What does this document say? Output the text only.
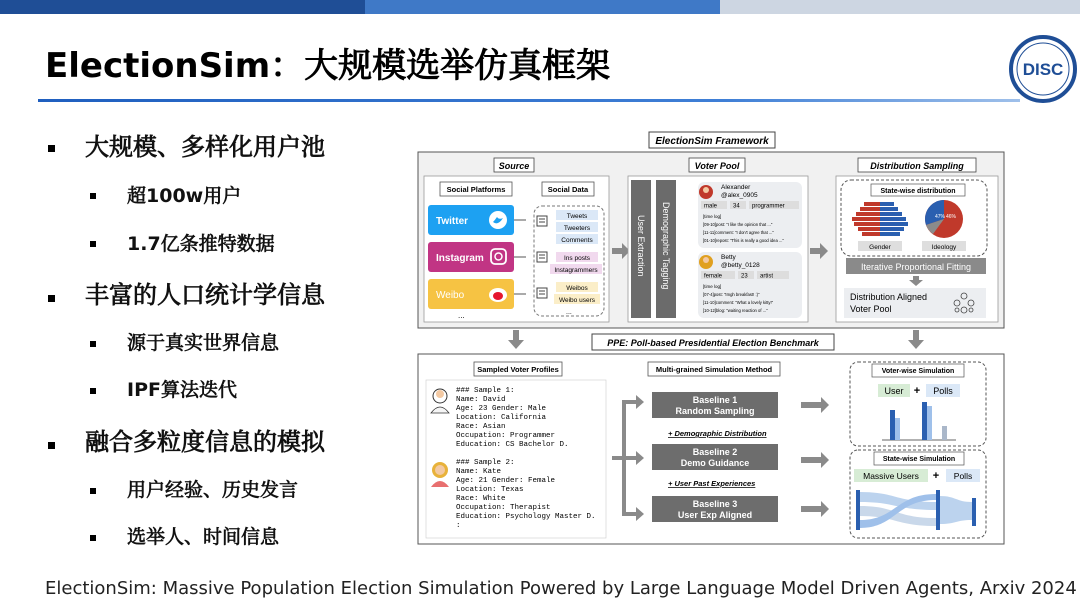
ElectionSim：大规模选举仿真框架	DISC
大规模、多样化用户池
超100w用户
1.7亿条推特数据
丰富的人口统计学信息
源于真实世界信息
IPF算法迭代
融合多粒度信息的模拟
用户经验、历史发言
选举人、时间信息
ElectionSim Framework
Source
Social Platforms	Social Data
Twitter
Instagram
Weibo
...
Tweets
Tweeters
Comments
Ins posts
Instagrammers
Weibos
Weibo users
...
Voter Pool
User Extraction Demographic Tagging
Alexander
@alex_0905
male	34 programmer
[time log]
[09-10]post: "I like the opinion that ..."
[11-11]comment: "I don't agree that ..."
[01-10]repost: "This is really a good idea ..."
Betty
@betty_0128
female	23 artist
[time log]
[07-4]post: "Imgh breakfast! :)"
[11-10]comment: "What a lovely kitty!"
[10-12]blog: "waiting reaction of ..."
Distribution Sampling
State-wise distribution
47% 46%
Gender	Ideology
Iterative Proportional Fitting
Distribution Aligned
Voter Pool
PPE: Poll-based Presidential Election Benchmark
Sampled Voter Profiles
### Sample 1:
Name: David
Age: 23 Gender: Male
Location: California
Race: Asian
Occupation: Programmer
Education: CS Bachelor D.
### Sample 2:
Name: Kate
Age: 21 Gender: Female
Location: Texas
Race: White
Occupation: Therapist
Education: Psychology Master D.
:
Multi-grained Simulation Method
Baseline 1
Random Sampling
+ Demographic Distribution
Baseline 2
Demo Guidance
+ User Past Experiences
Baseline 3
User Exp Aligned
Voter-wise Simulation
User + Polls
State-wise Simulation
Massive Users + Polls
ElectionSim: Massive Population Election Simulation Powered by Large Language Model Driven Agents, Arxiv 2024
